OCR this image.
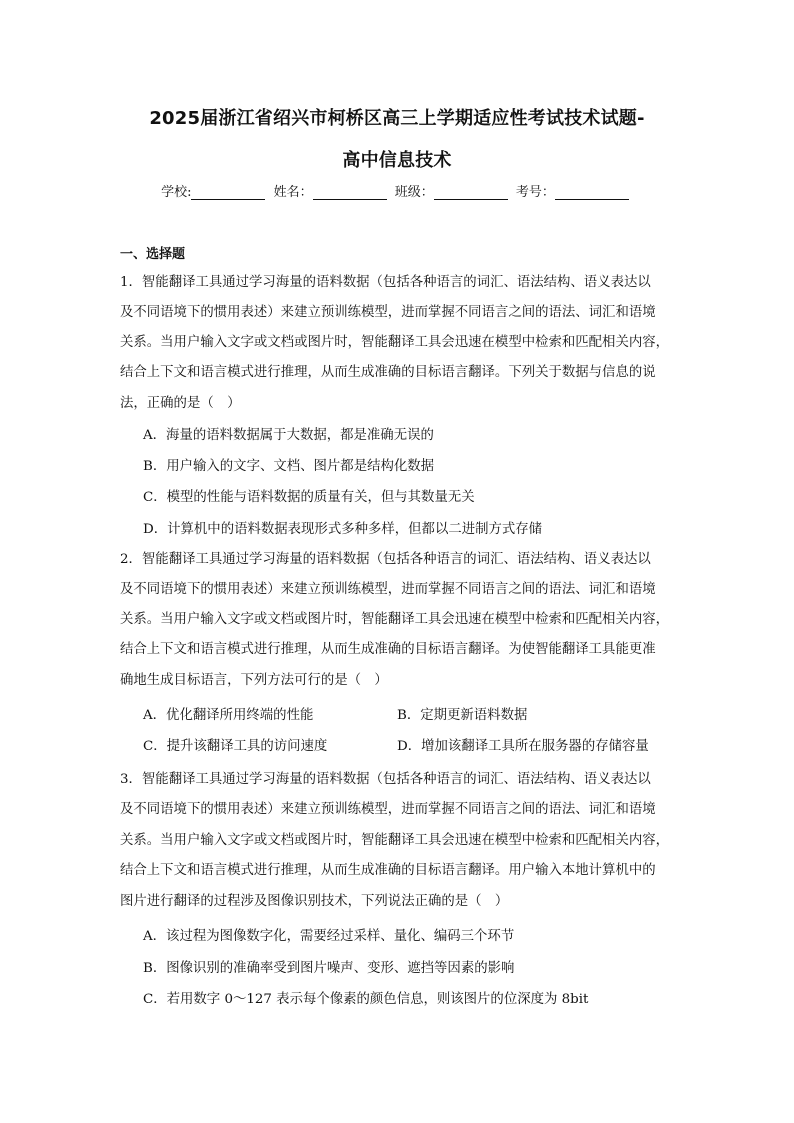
2025届浙江省绍兴市柯桥区高三上学期适应性考试技术试题-
高中信息技术
学校:	姓名：	班级：	考号：
一、选择题
1．智能翻译工具通过学习海量的语料数据（包括各种语言的词汇、语法结构、语义表达以
及不同语境下的惯用表述）来建立预训练模型，进而掌握不同语言之间的语法、词汇和语境
关系。当用户输入文字或文档或图片时，智能翻译工具会迅速在模型中检索和匹配相关内容，
结合上下文和语言模式进行推理，从而生成准确的目标语言翻译。下列关于数据与信息的说
法，正确的是（　）
A．海量的语料数据属于大数据，都是准确无误的
B．用户输入的文字、文档、图片都是结构化数据
C．模型的性能与语料数据的质量有关，但与其数量无关
D．计算机中的语料数据表现形式多种多样，但都以二进制方式存储
2．智能翻译工具通过学习海量的语料数据（包括各种语言的词汇、语法结构、语义表达以
及不同语境下的惯用表述）来建立预训练模型，进而掌握不同语言之间的语法、词汇和语境
关系。当用户输入文字或文档或图片时，智能翻译工具会迅速在模型中检索和匹配相关内容，
结合上下文和语言模式进行推理，从而生成准确的目标语言翻译。为使智能翻译工具能更准
确地生成目标语言，下列方法可行的是（　）
A．优化翻译所用终端的性能	B．定期更新语料数据
C．提升该翻译工具的访问速度	D．增加该翻译工具所在服务器的存储容量
3．智能翻译工具通过学习海量的语料数据（包括各种语言的词汇、语法结构、语义表达以
及不同语境下的惯用表述）来建立预训练模型，进而掌握不同语言之间的语法、词汇和语境
关系。当用户输入文字或文档或图片时，智能翻译工具会迅速在模型中检索和匹配相关内容，
结合上下文和语言模式进行推理，从而生成准确的目标语言翻译。用户输入本地计算机中的
图片进行翻译的过程涉及图像识别技术，下列说法正确的是（　）
A．该过程为图像数字化，需要经过采样、量化、编码三个环节
B．图像识别的准确率受到图片噪声、变形、遮挡等因素的影响
C．若用数字 0～127 表示每个像素的颜色信息，则该图片的位深度为 8bit
